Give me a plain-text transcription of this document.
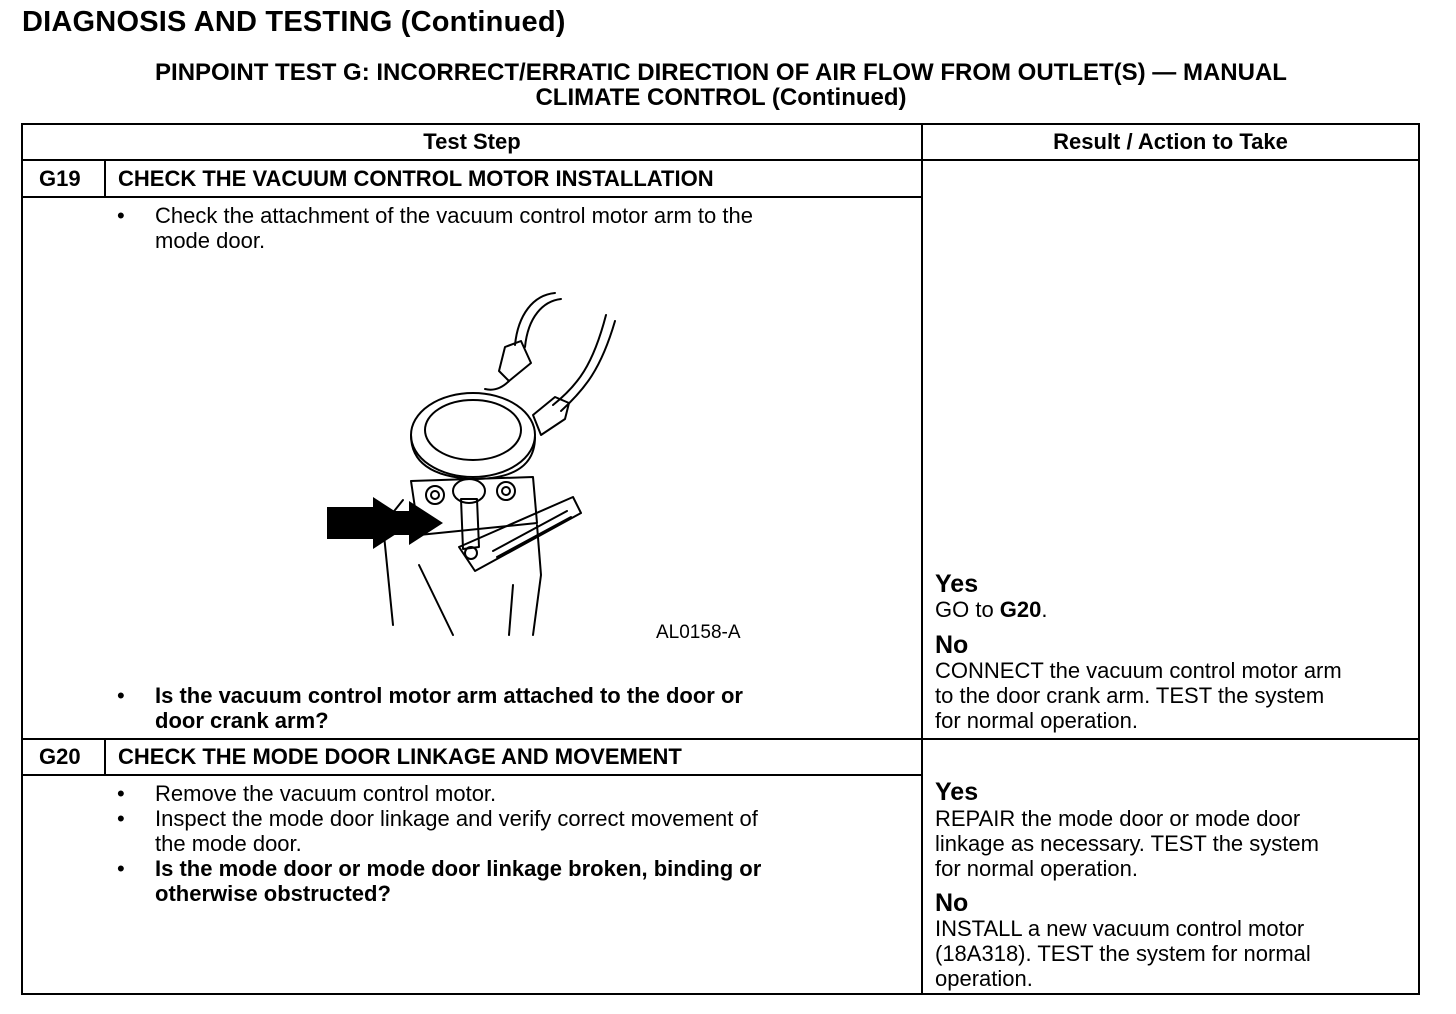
DIAGNOSIS AND TESTING (Continued)
PINPOINT TEST G: INCORRECT/ERRATIC DIRECTION OF AIR FLOW FROM OUTLET(S) — MANUAL
CLIMATE CONTROL (Continued)
Test Step	Result / Action to Take
G19 CHECK THE VACUUM CONTROL MOTOR INSTALLATION
• Check the attachment of the vacuum control motor arm to the
mode door.
AL0158-A
• Is the vacuum control motor arm attached to the door or
door crank arm?
Yes
GO to G20.
No
CONNECT the vacuum control motor arm
to the door crank arm. TEST the system
for normal operation.
G20 CHECK THE MODE DOOR LINKAGE AND MOVEMENT
• Remove the vacuum control motor.
• Inspect the mode door linkage and verify correct movement of
the mode door.
• Is the mode door or mode door linkage broken, binding or
otherwise obstructed?
Yes
REPAIR the mode door or mode door
linkage as necessary. TEST the system
for normal operation.
No
INSTALL a new vacuum control motor
(18A318). TEST the system for normal
operation.
